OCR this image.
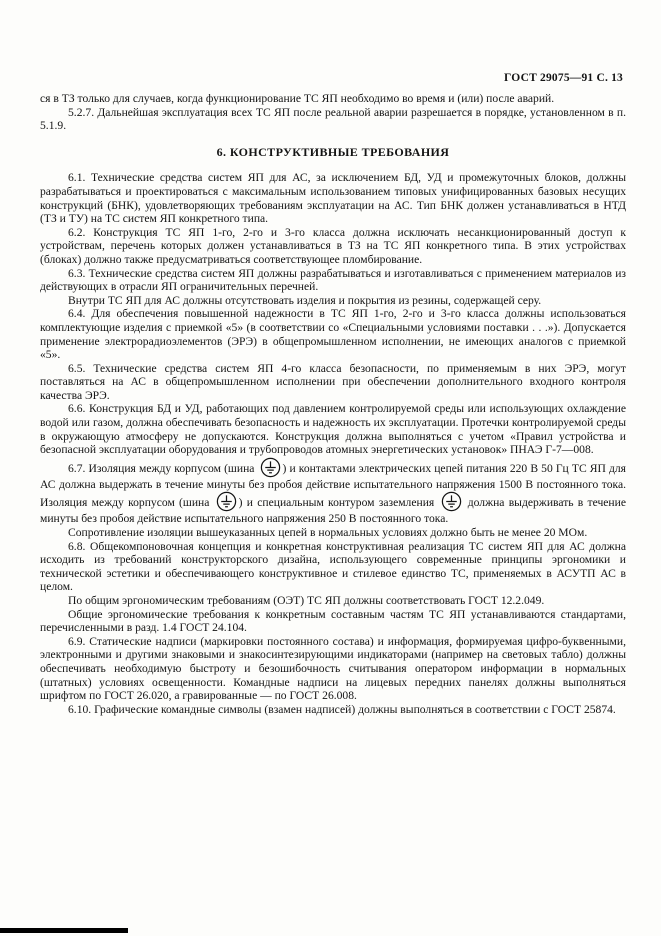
ГОСТ 29075—91 С. 13

ся в ТЗ только для случаев, когда функционирование ТС ЯП необходимо во время и (или) после аварий.

5.2.7. Дальнейшая эксплуатация всех ТС ЯП после реальной аварии разрешается в порядке, установленном в п. 5.1.9.

6. КОНСТРУКТИВНЫЕ ТРЕБОВАНИЯ

6.1. Технические средства систем ЯП для АС, за исключением БД, УД и промежуточных блоков, должны разрабатываться и проектироваться с максимальным использованием типовых унифицированных базовых несущих конструкций (БНК), удовлетворяющих требованиям эксплуатации на АС. Тип БНК должен устанавливаться в НТД (ТЗ и ТУ) на ТС систем ЯП конкретного типа.

6.2. Конструкция ТС ЯП 1-го, 2-го и 3-го класса должна исключать несанкционированный доступ к устройствам, перечень которых должен устанавливаться в ТЗ на ТС ЯП конкретного типа. В этих устройствах (блоках) должно также предусматриваться соответствующее пломбирование.

6.3. Технические средства систем ЯП должны разрабатываться и изготавливаться с применением материалов из действующих в отрасли ЯП ограничительных перечней.

Внутри ТС ЯП для АС должны отсутствовать изделия и покрытия из резины, содержащей серу.

6.4. Для обеспечения повышенной надежности в ТС ЯП 1-го, 2-го и 3-го класса должны использоваться комплектующие изделия с приемкой «5» (в соответствии со «Специальными условиями поставки . . .»). Допускается применение электрорадиоэлементов (ЭРЭ) в общепромышленном исполнении, не имеющих аналогов с приемкой «5».

6.5. Технические средства систем ЯП 4-го класса безопасности, по применяемым в них ЭРЭ, могут поставляться на АС в общепромышленном исполнении при обеспечении дополнительного входного контроля качества ЭРЭ.

6.6. Конструкция БД и УД, работающих под давлением контролируемой среды или использующих охлаждение водой или газом, должна обеспечивать безопасность и надежность их эксплуатации. Протечки контролируемой среды в окружающую атмосферу не допускаются. Конструкция должна выполняться с учетом «Правил устройства и безопасной эксплуатации оборудования и трубопроводов атомных энергетических установок» ПНАЭ Г-7—008.

6.7. Изоляция между корпусом (шина ) и контактами электрических цепей питания 220 В 50 Гц ТС ЯП для АС должна выдержать в течение минуты без пробоя действие испытательного напряжения 1500 В постоянного тока. Изоляция между корпусом (шина ) и специальным контуром заземления  должна выдерживать в течение минуты без пробоя действие испытательного напряжения 250 В постоянного тока.

Сопротивление изоляции вышеуказанных цепей в нормальных условиях должно быть не менее 20 МОм.

6.8. Общекомпоновочная концепция и конкретная конструктивная реализация ТС систем ЯП для АС должна исходить из требований конструкторского дизайна, использующего современные принципы эргономики и технической эстетики и обеспечивающего конструктивное и стилевое единство ТС, применяемых в АСУТП АС в целом.

По общим эргономическим требованиям (ОЭТ) ТС ЯП должны соответствовать ГОСТ 12.2.049.

Общие эргономические требования к конкретным составным частям ТС ЯП устанавливаются стандартами, перечисленными в разд. 1.4 ГОСТ 24.104.

6.9. Статические надписи (маркировки постоянного состава) и информация, формируемая цифро-буквенными, электронными и другими знаковыми и знакосинтезирующими индикаторами (например на световых табло) должны обеспечивать необходимую быстроту и безошибочность считывания оператором информации в нормальных (штатных) условиях освещенности. Командные надписи на лицевых передних панелях должны выполняться шрифтом по ГОСТ 26.020, а гравированные — по ГОСТ 26.008.

6.10. Графические командные символы (взамен надписей) должны выполняться в соответствии с ГОСТ 25874.
